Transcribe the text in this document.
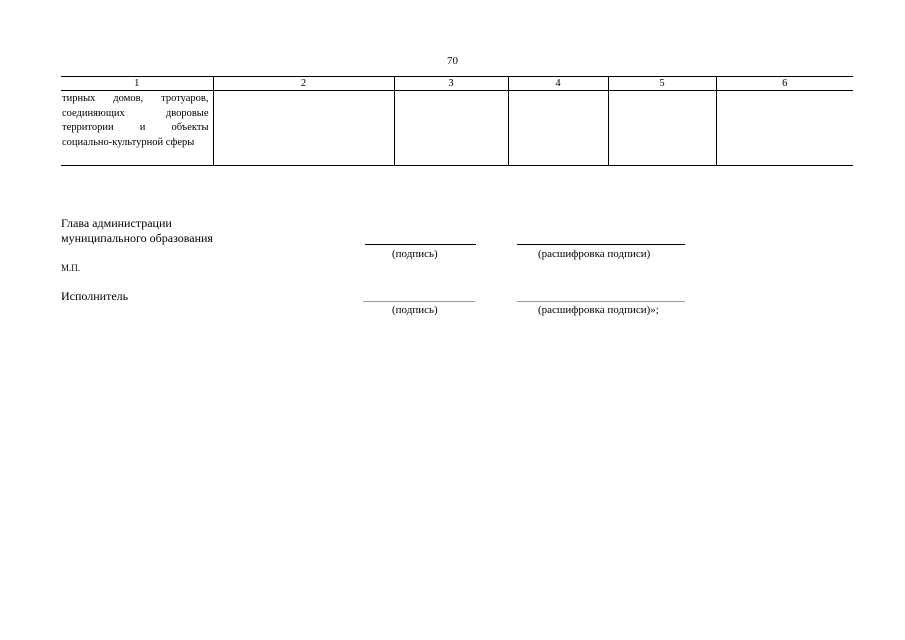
70
1	2	3	4	5	6

тирных домов, тротуаров, соединяющих дворовые территории и объекты социально-культурной сферы					

Глава администрации
муниципального образования
(подпись)	(расшифровка подписи)
М.П.
Исполнитель
(подпись)	(расшифровка подписи)»;
